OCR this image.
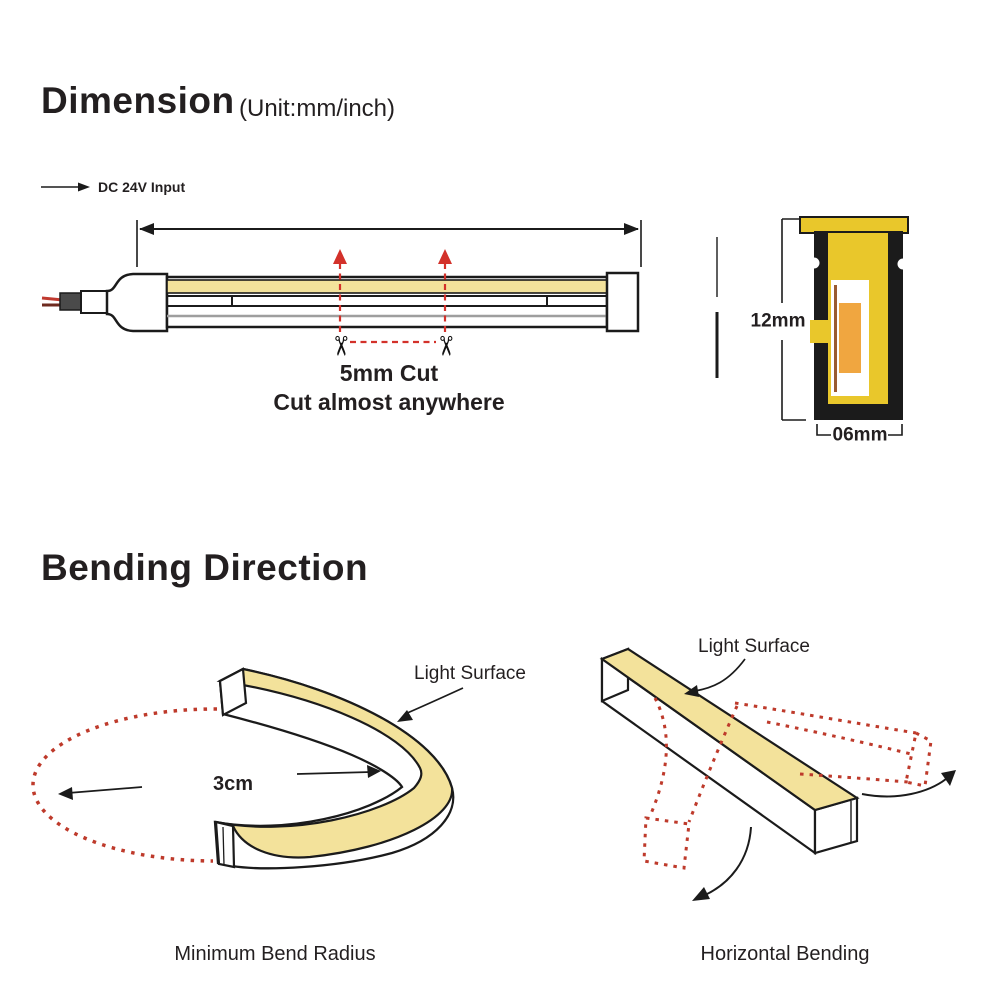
Dimension (Unit:mm/inch)
DC 24V Input
5mm Cut
Cut almost anywhere
12mm
06mm
Bending Direction
Light Surface
3cm
Minimum Bend Radius
Light Surface
Horizontal Bending
✂	✂
